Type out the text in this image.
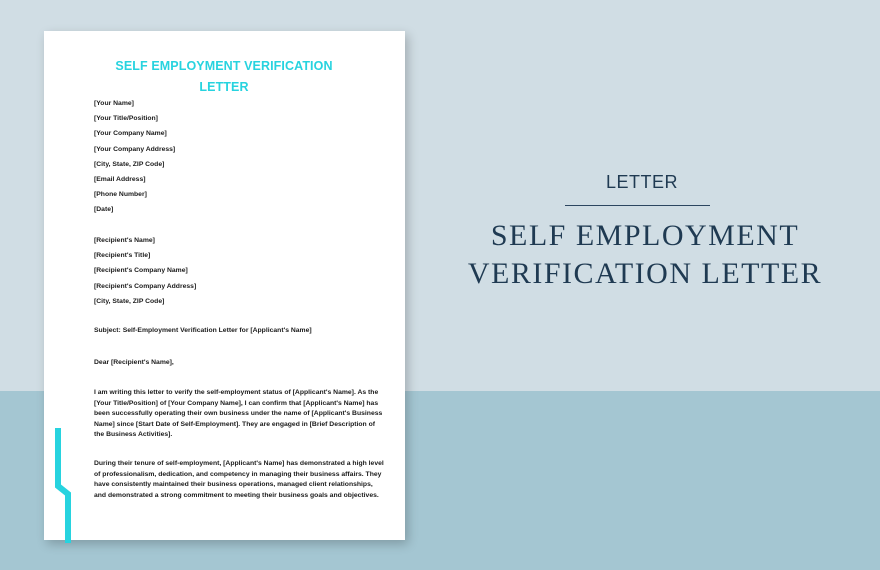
SELF EMPLOYMENT VERIFICATION
LETTER
[Your Name]
[Your Title/Position]
[Your Company Name]
[Your Company Address]
[City, State, ZIP Code]
[Email Address]
[Phone Number]
[Date]
[Recipient's Name]
[Recipient's Title]
[Recipient's Company Name]
[Recipient's Company Address]
[City, State, ZIP Code]
Subject: Self-Employment Verification Letter for [Applicant's Name]
Dear [Recipient's Name],
I am writing this letter to verify the self-employment status of [Applicant's Name]. As the [Your Title/Position] of [Your Company Name], I can confirm that [Applicant's Name] has been successfully operating their own business under the name of [Applicant's Business Name] since [Start Date of Self-Employment]. They are engaged in [Brief Description of the Business Activities].
During their tenure of self-employment, [Applicant's Name] has demonstrated a high level of professionalism, dedication, and competency in managing their business affairs. They have consistently maintained their business operations, managed client relationships, and demonstrated a strong commitment to meeting their business goals and objectives.
LETTER
SELF EMPLOYMENT
VERIFICATION LETTER
